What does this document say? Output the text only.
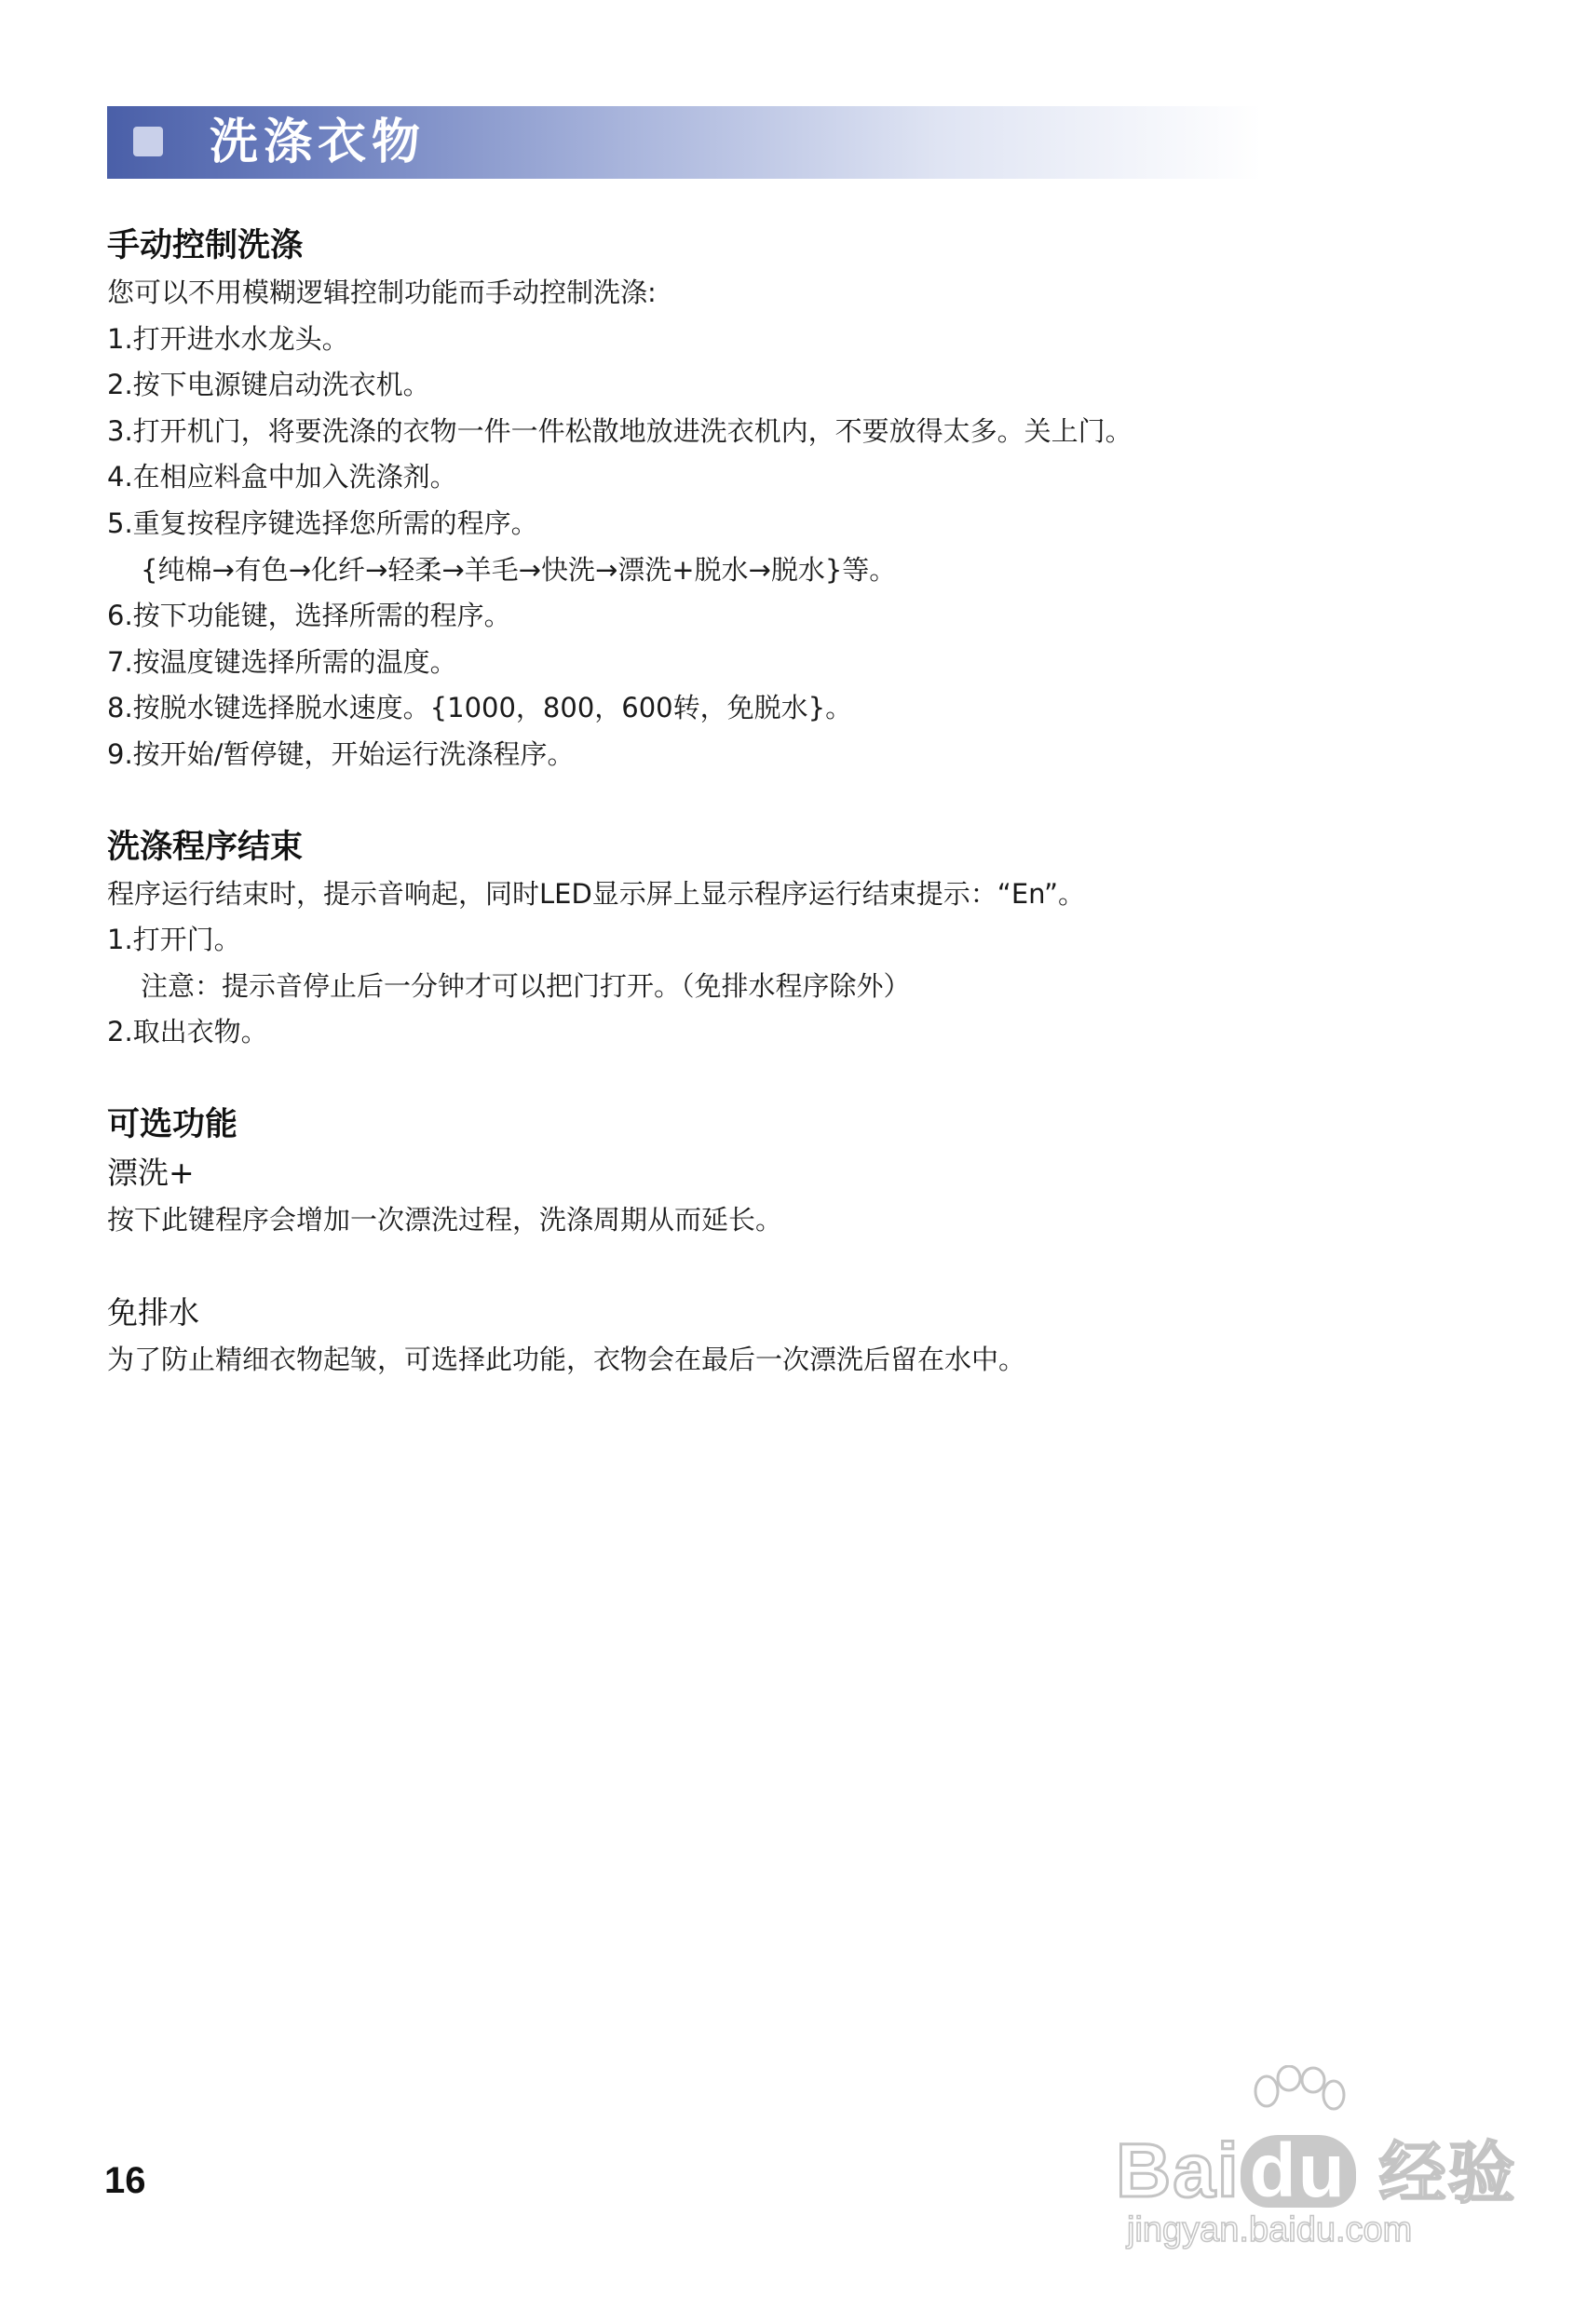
洗涤衣物
手动控制洗涤
您可以不用模糊逻辑控制功能而手动控制洗涤:
1.打开进水水龙头。
2.按下电源键启动洗衣机。
3.打开机门，将要洗涤的衣物一件一件松散地放进洗衣机内，不要放得太多。关上门。
4.在相应料盒中加入洗涤剂。
5.重复按程序键选择您所需的程序。
{纯棉→有色→化纤→轻柔→羊毛→快洗→漂洗+脱水→脱水}等。
6.按下功能键，选择所需的程序。
7.按温度键选择所需的温度。
8.按脱水键选择脱水速度。{1000，800，600转，免脱水}。
9.按开始/暂停键，开始运行洗涤程序。
洗涤程序结束
程序运行结束时，提示音响起，同时LED显示屏上显示程序运行结束提示：“En”。
1.打开门。
注意：提示音停止后一分钟才可以把门打开。（免排水程序除外）
2.取出衣物。
可选功能
漂洗+
按下此键程序会增加一次漂洗过程，洗涤周期从而延长。
免排水
为了防止精细衣物起皱，可选择此功能，衣物会在最后一次漂洗后留在水中。
16	Bai du 经验
jingyan.baidu.com
